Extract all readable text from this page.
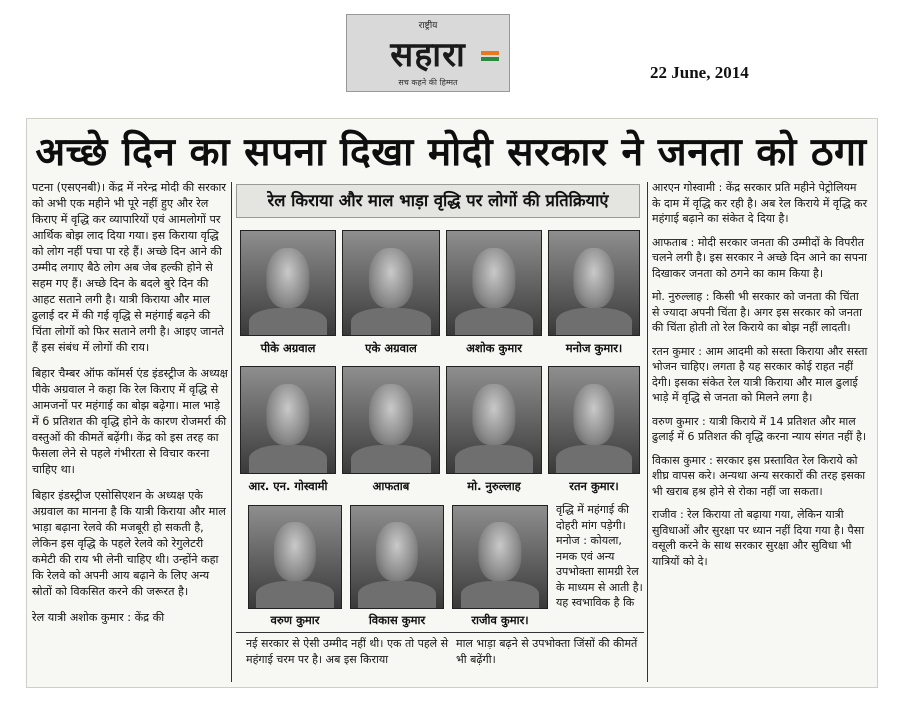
राष्ट्रीय
सहारा
सच कहने की हिम्मत
22 June, 2014
अच्छे दिन का सपना दिखा मोदी सरकार ने जनता को ठगा

पटना (एसएनबी)। केंद्र में नरेन्द्र मोदी की सरकार को अभी एक महीने भी पूरे नहीं हुए और रेल किराए में वृद्धि कर व्यापारियों एवं आमलोगों पर आर्थिक बोझ लाद दिया गया। इस किराया वृद्धि को लोग नहीं पचा पा रहे हैं। अच्छे दिन आने की उम्मीद लगाए बैठे लोग अब जेब हल्की होने से सहम गए हैं। अच्छे दिन के बदले बुरे दिन की आहट सताने लगी है। यात्री किराया और माल ढुलाई दर में की गई वृद्धि से महंगाई बढ़ने की चिंता लोगों को फिर सताने लगी है। आइए जानते हैं इस संबंध में लोगों की राय।

बिहार चैम्बर ऑफ कॉमर्स एंड इंडस्ट्रीज के अध्यक्ष पीके अग्रवाल ने कहा कि रेल किराए में वृद्धि से आमजनों पर महंगाई का बोझ बढ़ेगा। माल भाड़े में 6 प्रतिशत की वृद्धि होने के कारण रोजमर्रा की वस्तुओं की कीमतें बढ़ेंगी। केंद्र को इस तरह का फैसला लेने से पहले गंभीरता से विचार करना चाहिए था।

बिहार इंडस्ट्रीज एसोसिएशन के अध्यक्ष एके अग्रवाल का मानना है कि यात्री किराया और माल भाड़ा बढ़ाना रेलवे की मजबूरी हो सकती है, लेकिन इस वृद्धि के पहले रेलवे को रेगुलेटरी कमेटी की राय भी लेनी चाहिए थी। उन्होंने कहा कि रेलवे को अपनी आय बढ़ाने के लिए अन्य स्रोतों को विकसित करने की जरूरत है।

रेल यात्री अशोक कुमार : केंद्र की

रेल किराया और माल भाड़ा वृद्धि पर लोगों की प्रतिक्रियाएं
पीके अग्रवाल	एके अग्रवाल	अशोक कुमार	मनोज कुमार।
आर. एन. गोस्वामी	आफताब	मो. नुरुल्लाह	रतन कुमार।
वरुण कुमार	विकास कुमार	राजीव कुमार।
वृद्धि में महंगाई की दोहरी मांग पड़ेगी। मनोज : कोयला, नमक एवं अन्य उपभोक्ता सामग्री रेल के माध्यम से आती है। यह स्वभाविक है कि
नई सरकार से ऐसी उम्मीद नहीं थी। एक तो पहले से महंगाई चरम पर है। अब इस किराया
माल भाड़ा बढ़ने से उपभोक्ता जिंसों की कीमतें भी बढ़ेंगी।

आरएन गोस्वामी : केंद्र सरकार प्रति महीने पेट्रोलियम के दाम में वृद्धि कर रही है। अब रेल किराये में वृद्धि कर महंगाई बढ़ाने का संकेत दे दिया है।

आफताब : मोदी सरकार जनता की उम्मीदों के विपरीत चलने लगी है। इस सरकार ने अच्छे दिन आने का सपना दिखाकर जनता को ठगने का काम किया है।

मो. नुरुल्लाह : किसी भी सरकार को जनता की चिंता से ज्यादा अपनी चिंता है। अगर इस सरकार को जनता की चिंता होती तो रेल किराये का बोझ नहीं लादती।

रतन कुमार : आम आदमी को सस्ता किराया और सस्ता भोजन चाहिए। लगता है यह सरकार कोई राहत नहीं देगी। इसका संकेत रेल यात्री किराया और माल ढुलाई भाड़े में वृद्धि से जनता को मिलने लगा है।

वरुण कुमार : यात्री किराये में 14 प्रतिशत और माल ढुलाई में 6 प्रतिशत की वृद्धि करना न्याय संगत नहीं है।

विकास कुमार : सरकार इस प्रस्तावित रेल किराये को शीघ्र वापस करे। अन्यथा अन्य सरकारों की तरह इसका भी खराब हश्र होने से रोका नहीं जा सकता।

राजीव : रेल किराया तो बढ़ाया गया, लेकिन यात्री सुविधाओं और सुरक्षा पर ध्यान नहीं दिया गया है। पैसा वसूली करने के साथ सरकार सुरक्षा और सुविधा भी यात्रियों को दे।
